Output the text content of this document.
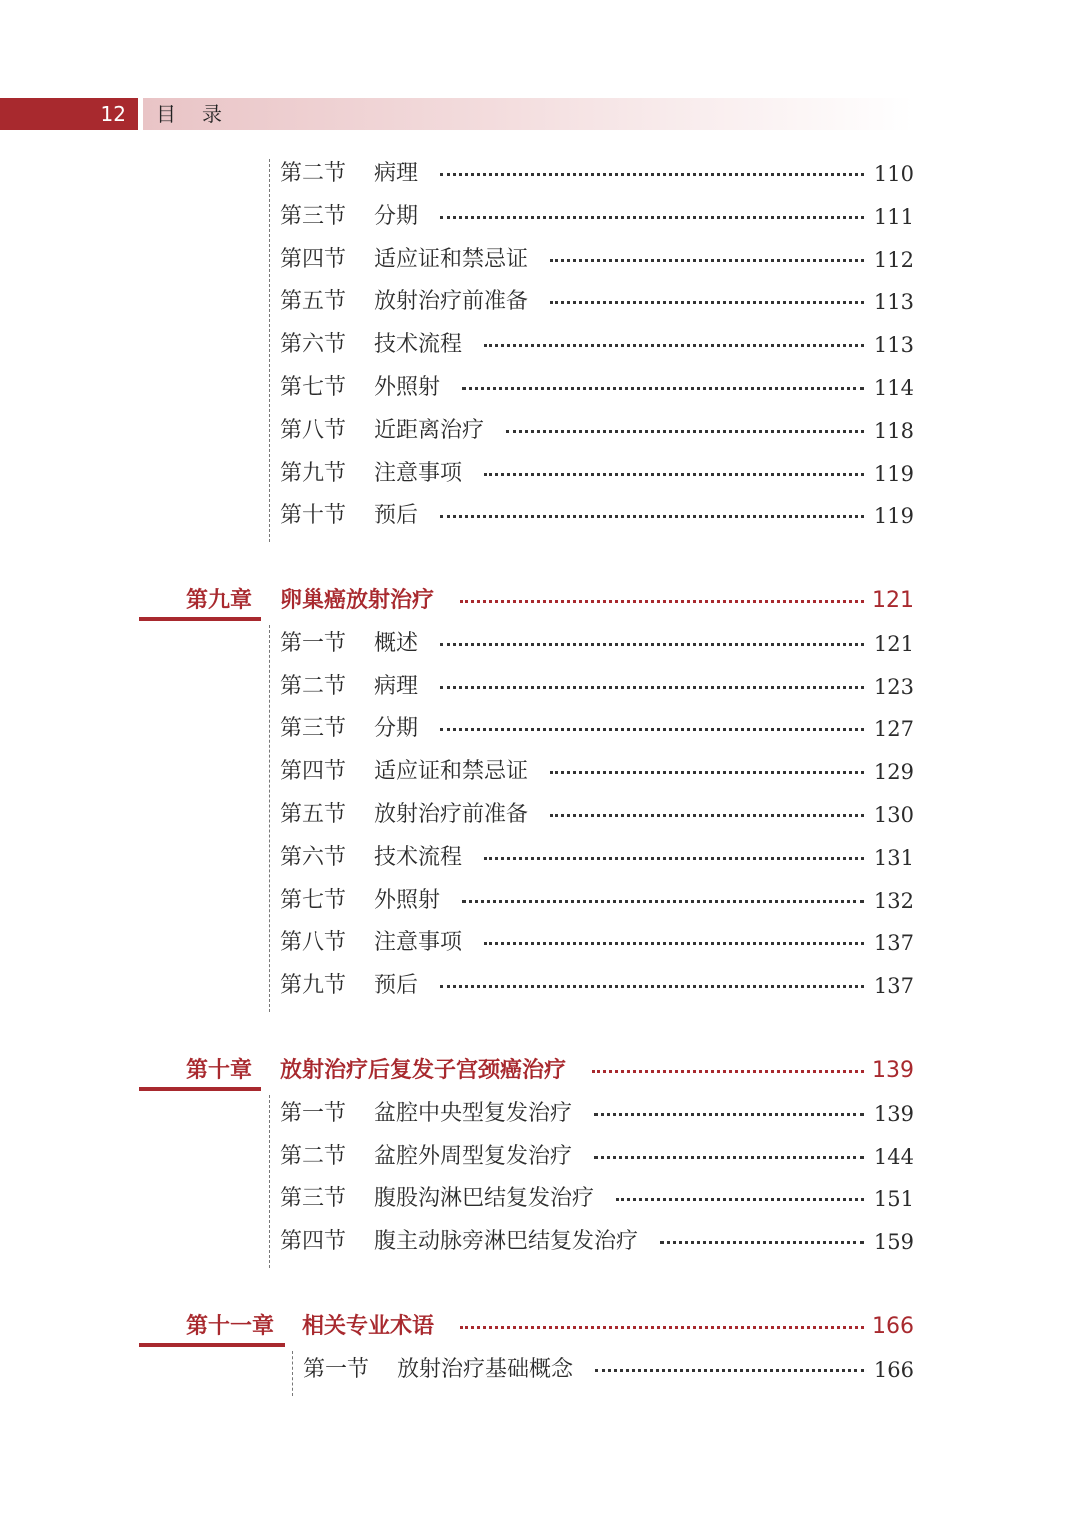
12	目录
第二节 病理	110
第三节 分期	111
第四节 适应证和禁忌证	112
第五节 放射治疗前准备	113
第六节 技术流程	113
第七节 外照射	114
第八节 近距离治疗	118
第九节 注意事项	119
第十节 预后	119
第九章 卵巢癌放射治疗	121
第一节 概述	121
第二节 病理	123
第三节 分期	127
第四节 适应证和禁忌证	129
第五节 放射治疗前准备	130
第六节 技术流程	131
第七节 外照射	132
第八节 注意事项	137
第九节 预后	137
第十章 放射治疗后复发子宫颈癌治疗	139
第一节 盆腔中央型复发治疗	139
第二节 盆腔外周型复发治疗	144
第三节 腹股沟淋巴结复发治疗	151
第四节 腹主动脉旁淋巴结复发治疗	159
第十一章 相关专业术语	166
第一节 放射治疗基础概念	166
